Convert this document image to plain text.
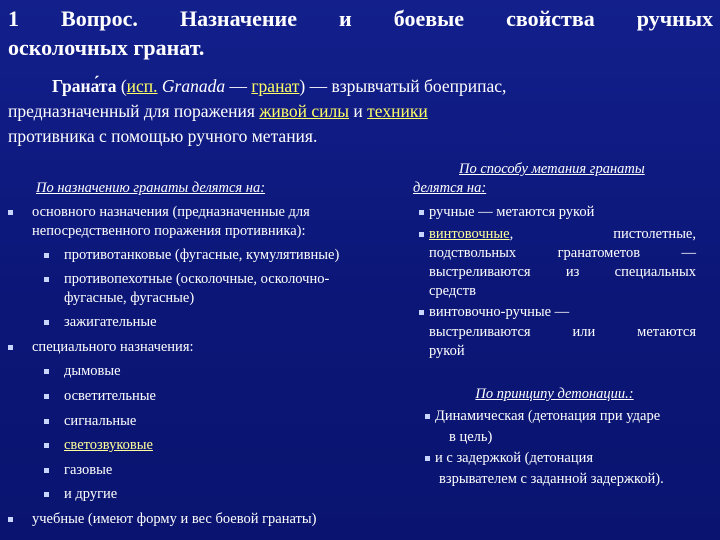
1 Вопрос. Назначение и боевые свойства ручных
осколочных гранат.
Грана́та (исп. Granada — гранат) — взрывчатый боеприпас,
предназначенный для поражения живой силы и техники
противника с помощью ручного метания.
По назначению гранаты делятся на:
основного назначения (предназначенные для
непосредственного поражения противника):
противотанковые (фугасные, кумулятивные)
противопехотные (осколочные, осколочно-
фугасные, фугасные)
зажигательные
специального назначения:
дымовые
осветительные
сигнальные
светозвуковые
газовые
и другие
учебные (имеют форму и вес боевой гранаты)
По способу метания гранаты
делятся на:
ручные — метаются рукой
винтовочные, пистолетные,
подствольных гранатометов —
выстреливаются из специальных
средств
винтовочно-ручные —
выстреливаются или метаются
рукой
По принципу детонации.:
Динамическая (детонация при ударе
в цель)
и с задержкой (детонация
взрывателем с заданной задержкой).
